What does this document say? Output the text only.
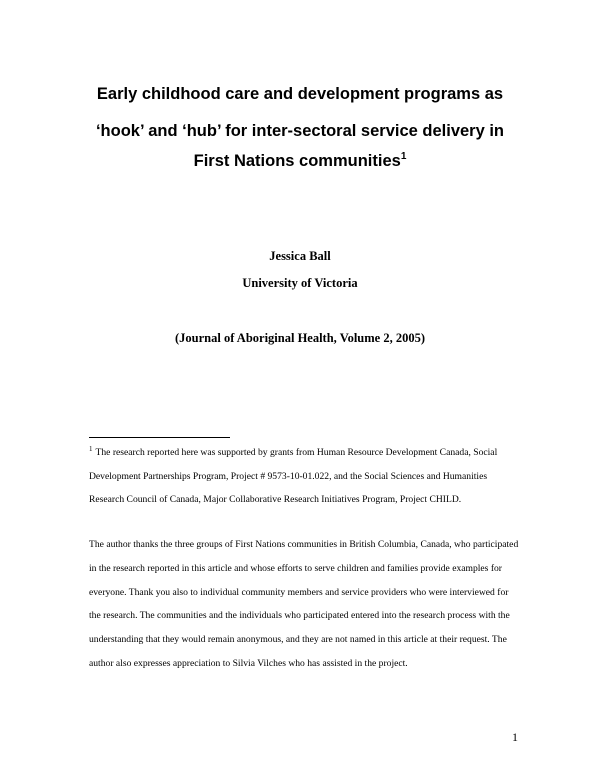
Early childhood care and development programs as
‘hook’ and ‘hub’ for inter-sectoral service delivery in
First Nations communities$^1$

Jessica Ball

University of Victoria

(Journal of Aboriginal Health, Volume 2, 2005)

$^1$ The research reported here was supported by grants from Human Resource Development Canada, Social Development Partnerships Program, Project # 9573-10-01.022, and the Social Sciences and Humanities Research Council of Canada, Major Collaborative Research Initiatives Program, Project CHILD.

The author thanks the three groups of First Nations communities in British Columbia, Canada, who participated in the research reported in this article and whose efforts to serve children and families provide examples for everyone. Thank you also to individual community members and service providers who were interviewed for the research. The communities and the individuals who participated entered into the research process with the understanding that they would remain anonymous, and they are not named in this article at their request. The author also expresses appreciation to Silvia Vilches who has assisted in the project.

1
